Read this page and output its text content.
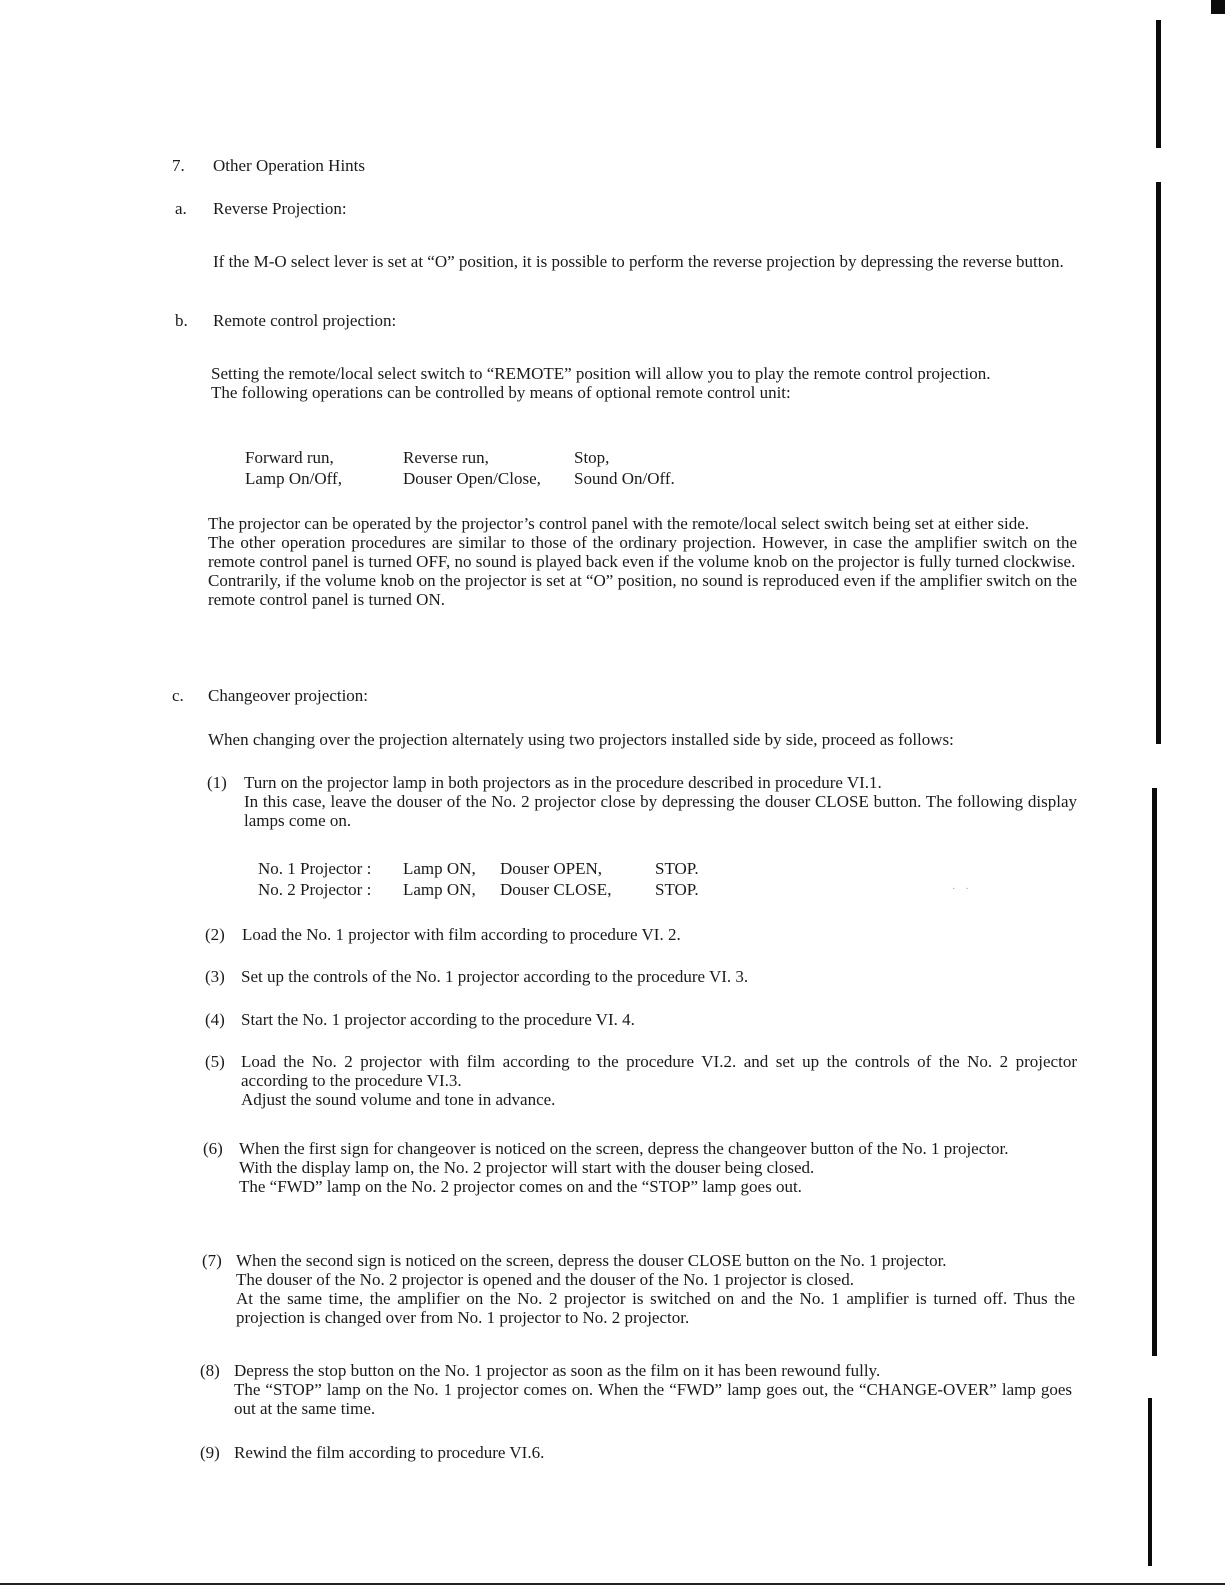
7. Other Operation Hints
a. Reverse Projection:

If the M-O select lever is set at “O” position, it is possible to perform the reverse projection by depressing the reverse button.

b. Remote control projection:

Setting the remote/local select switch to “REMOTE” position will allow you to play the remote control projection.

The following operations can be controlled by means of optional remote control unit:

Forward run,	Reverse run,	Stop,
Lamp On/Off,	Douser Open/Close, Sound On/Off.

The projector can be operated by the projector’s control panel with the remote/local select switch being set at either side.

The other operation procedures are similar to those of the ordinary projection. However, in case the amplifier switch on the remote control panel is turned OFF, no sound is played back even if the volume knob on the projector is fully turned clockwise.

Contrarily, if the volume knob on the projector is set at “O” position, no sound is reproduced even if the amplifier switch on the remote control panel is turned ON.

c. Changeover projection:

When changing over the projection alternately using two projectors installed side by side, proceed as follows:

(1) Turn on the projector lamp in both projectors as in the procedure described in procedure VI.1.

In this case, leave the douser of the No. 2 projector close by depressing the douser CLOSE button. The following display lamps come on.

No. 1 Projector : Lamp ON, Douser OPEN,	STOP.
No. 2 Projector : Lamp ON, Douser CLOSE,	STOP.	·    ·
(2) Load the No. 1 projector with film according to procedure VI. 2.

(3) Set up the controls of the No. 1 projector according to the procedure VI. 3.

(4) Start the No. 1 projector according to the procedure VI. 4.

(5) Load the No. 2 projector with film according to the procedure VI.2. and set up the controls of the No. 2 projector according to the procedure VI.3.

Adjust the sound volume and tone in advance.

(6) When the first sign for changeover is noticed on the screen, depress the changeover button of the No. 1 projector.

With the display lamp on, the No. 2 projector will start with the douser being closed.

The “FWD” lamp on the No. 2 projector comes on and the “STOP” lamp goes out.

(7) When the second sign is noticed on the screen, depress the douser CLOSE button on the No. 1 projector.

The douser of the No. 2 projector is opened and the douser of the No. 1 projector is closed.

At the same time, the amplifier on the No. 2 projector is switched on and the No. 1 amplifier is turned off. Thus the projection is changed over from No. 1 projector to No. 2 projector.

(8) Depress the stop button on the No. 1 projector as soon as the film on it has been rewound fully.

The “STOP” lamp on the No. 1 projector comes on. When the “FWD” lamp goes out, the “CHANGE-OVER” lamp goes out at the same time.

(9) Rewind the film according to procedure VI.6.
